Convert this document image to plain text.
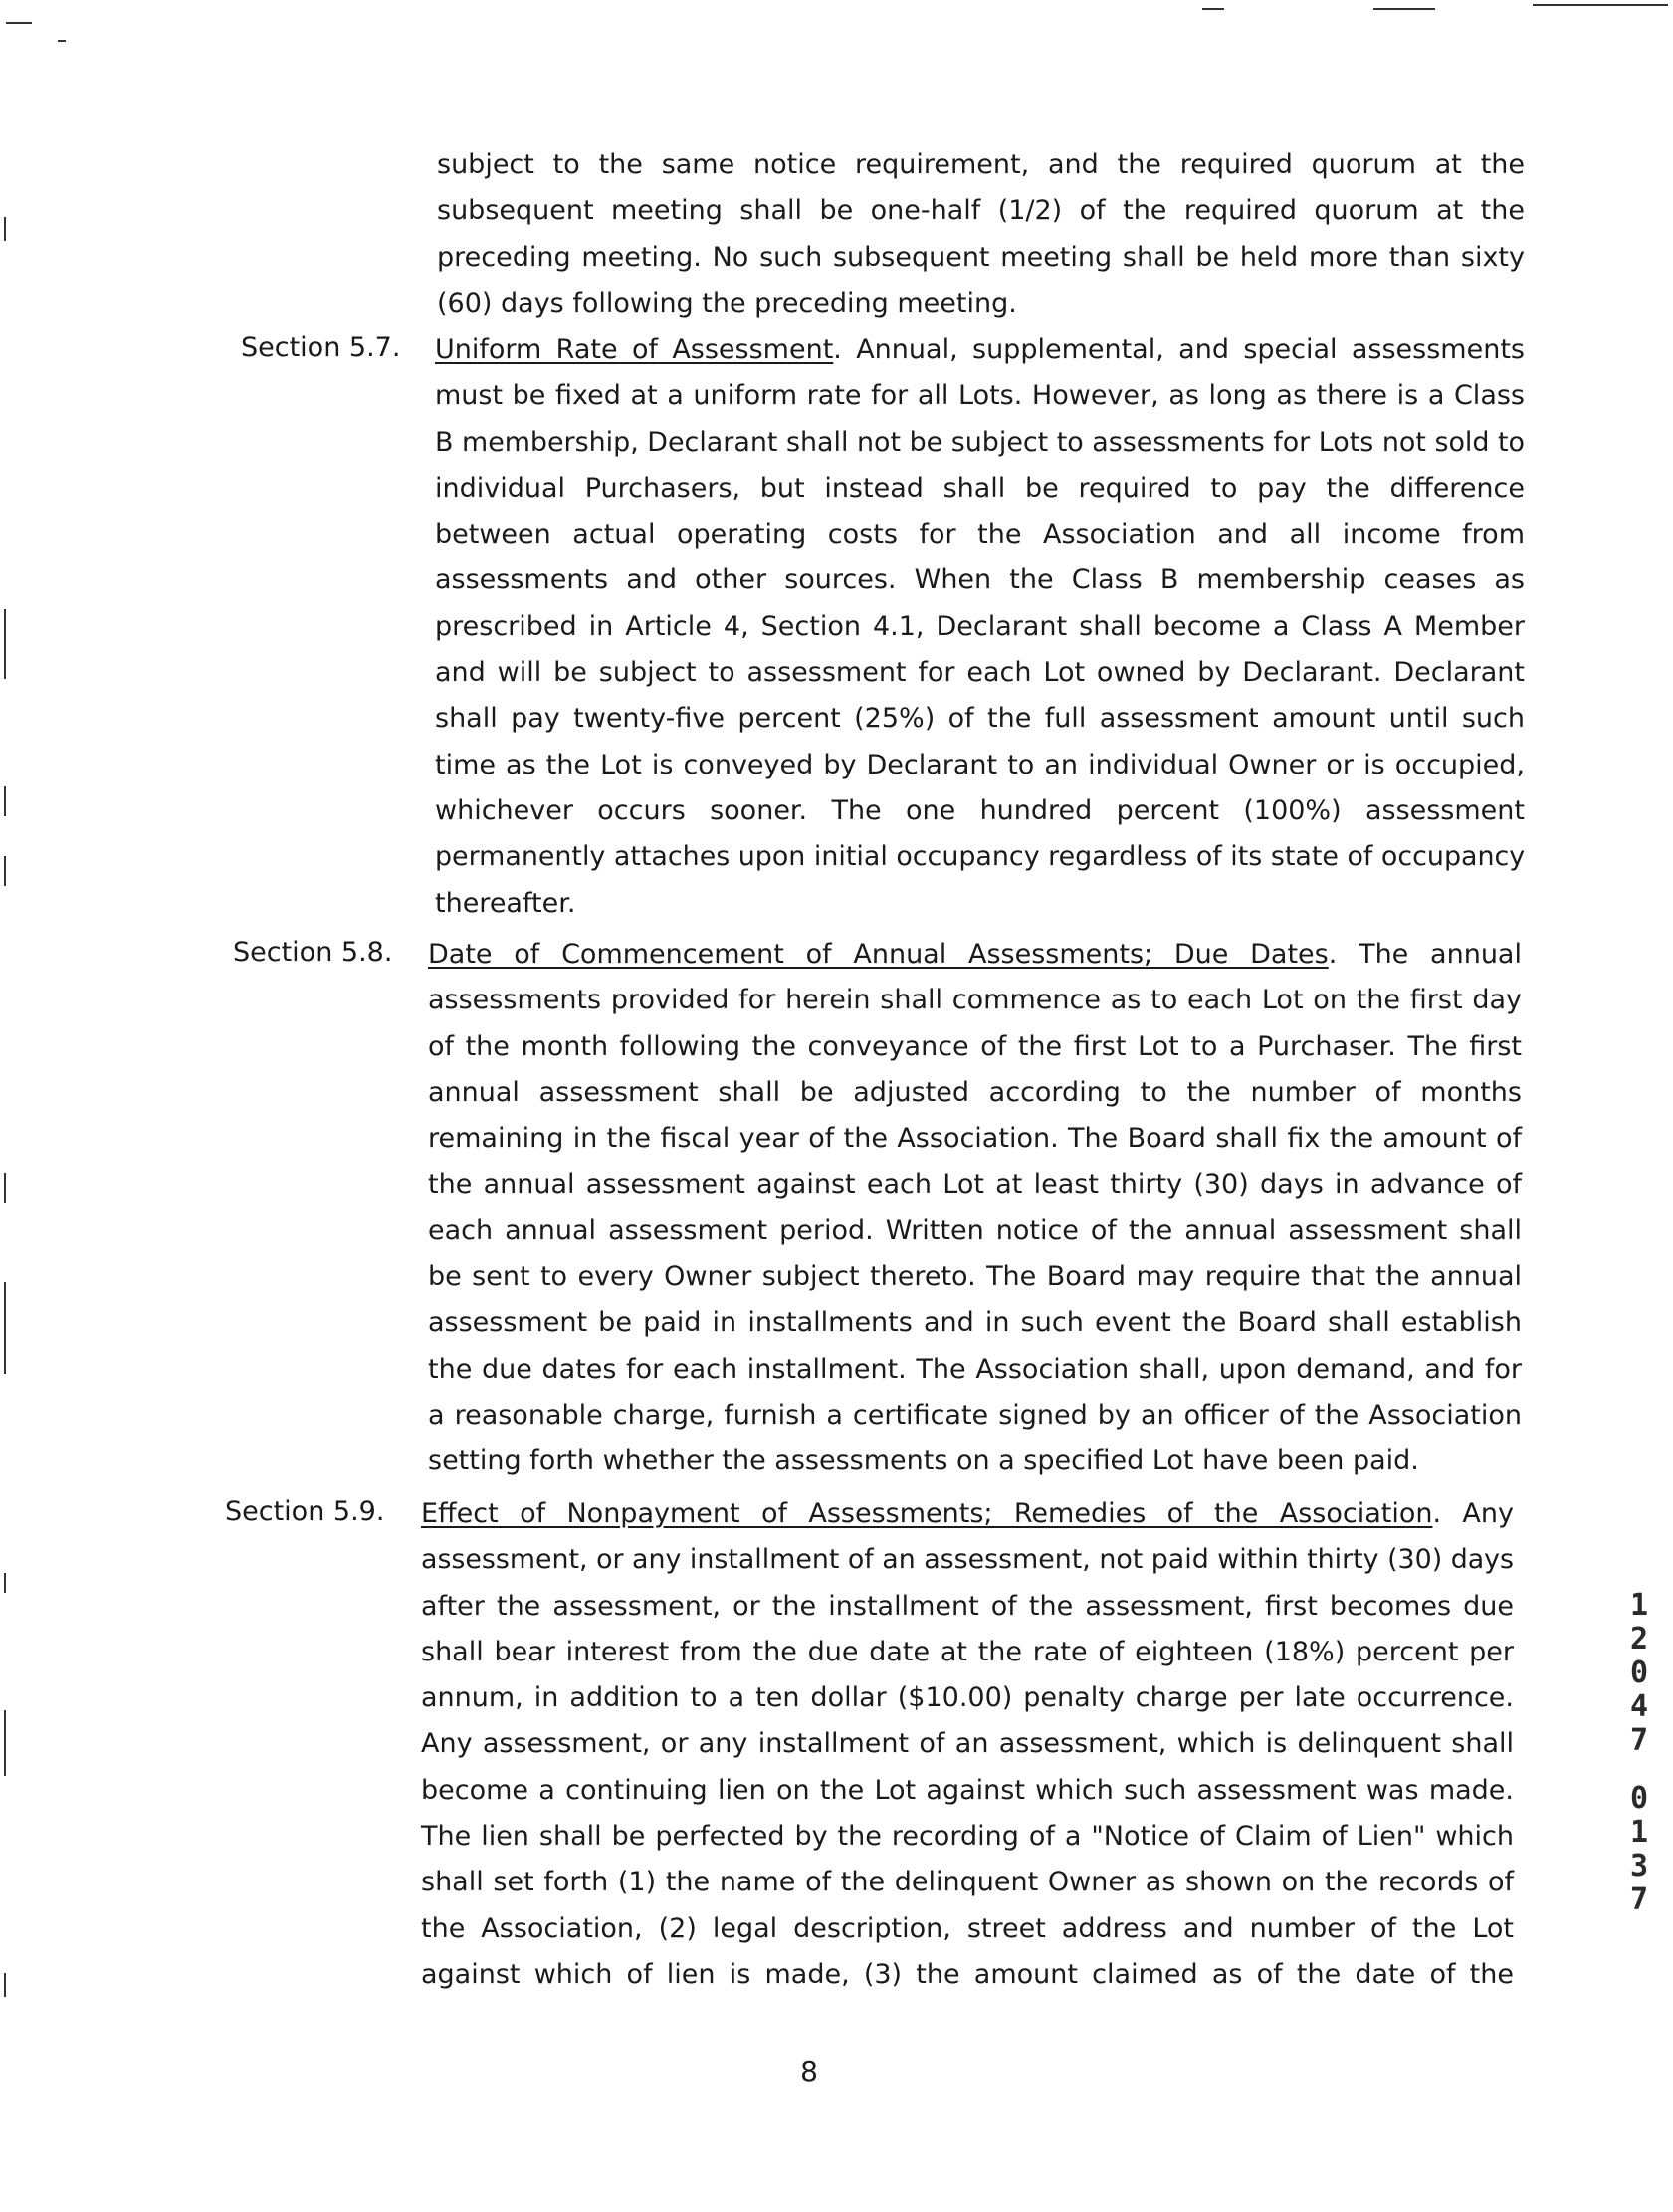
subject to the same notice requirement, and the required quorum at the
subsequent meeting shall be one-half (1/2) of the required quorum at the
preceding meeting. No such subsequent meeting shall be held more than sixty
(60) days following the preceding meeting.
Section 5.7. Uniform Rate of Assessment. Annual, supplemental, and special assessments
must be fixed at a uniform rate for all Lots. However, as long as there is a Class
B membership, Declarant shall not be subject to assessments for Lots not sold to
individual Purchasers, but instead shall be required to pay the difference
between actual operating costs for the Association and all income from
assessments and other sources. When the Class B membership ceases as
prescribed in Article 4, Section 4.1, Declarant shall become a Class A Member
and will be subject to assessment for each Lot owned by Declarant. Declarant
shall pay twenty-five percent (25%) of the full assessment amount until such
time as the Lot is conveyed by Declarant to an individual Owner or is occupied,
whichever occurs sooner. The one hundred percent (100%) assessment
permanently attaches upon initial occupancy regardless of its state of occupancy
thereafter.
Section 5.8. Date of Commencement of Annual Assessments; Due Dates. The annual
assessments provided for herein shall commence as to each Lot on the first day
of the month following the conveyance of the first Lot to a Purchaser. The first
annual assessment shall be adjusted according to the number of months
remaining in the fiscal year of the Association. The Board shall fix the amount of
the annual assessment against each Lot at least thirty (30) days in advance of
each annual assessment period. Written notice of the annual assessment shall
be sent to every Owner subject thereto. The Board may require that the annual
assessment be paid in installments and in such event the Board shall establish
the due dates for each installment. The Association shall, upon demand, and for
a reasonable charge, furnish a certificate signed by an officer of the Association
setting forth whether the assessments on a specified Lot have been paid.
Section 5.9. Effect of Nonpayment of Assessments; Remedies of the Association. Any
assessment, or any installment of an assessment, not paid within thirty (30) days
after the assessment, or the installment of the assessment, first becomes due
shall bear interest from the due date at the rate of eighteen (18%) percent per
annum, in addition to a ten dollar ($10.00) penalty charge per late occurrence.
Any assessment, or any installment of an assessment, which is delinquent shall
become a continuing lien on the Lot against which such assessment was made.
The lien shall be perfected by the recording of a "Notice of Claim of Lien" which
shall set forth (1) the name of the delinquent Owner as shown on the records of
the Association, (2) legal description, street address and number of the Lot
against which of lien is made, (3) the amount claimed as of the date of the
8
1
2
0
4
7
0
1
3
7
